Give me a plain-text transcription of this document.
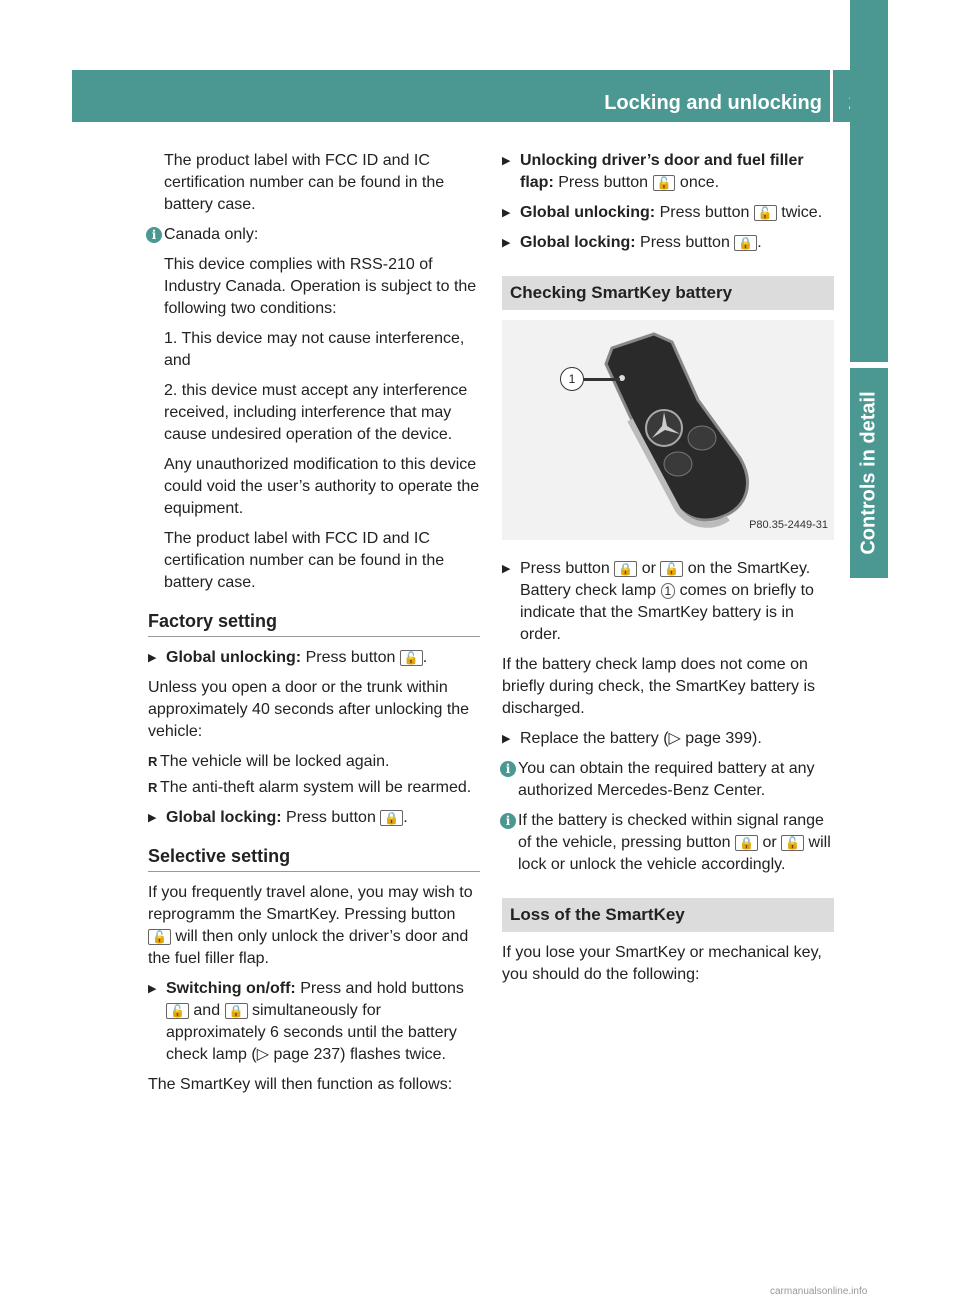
Locking and unlocking
Controls in detail

The product label with FCC ID and IC certification number can be found in the battery case.

i Canada only:

This device complies with RSS-210 of Industry Canada. Operation is subject to the following two conditions:

1. This device may not cause interference, and

2. this device must accept any interference received, including interference that may cause undesired operation of the device.

Any unauthorized modification to this device could void the user’s authority to operate the equipment.

The product label with FCC ID and IC certification number can be found in the battery case.

Factory setting
▶ Global unlocking: Press button 🔓 .

Unless you open a door or the trunk within approximately 40 seconds after unlocking the vehicle:

R The vehicle will be locked again.
R The anti-theft alarm system will be rearmed.
▶ Global locking: Press button 🔒 .
Selective setting

If you frequently travel alone, you may wish to reprogramm the SmartKey. Pressing button 🔓 will then only unlock the driver’s door and the fuel filler flap.

▶ Switching on/off: Press and hold buttons 🔓 and 🔒 simultaneously for approximately 6 seconds until the battery check lamp (▷ page 237) flashes twice.

The SmartKey will then function as follows:

▶ Unlocking driver’s door and fuel filler flap: Press button 🔓 once.
▶ Global unlocking: Press button 🔓 twice.
▶ Global locking: Press button 🔒 .
Checking SmartKey battery
1
P80.35-2449-31
▶ Press button 🔒 or 🔓 on the SmartKey.
Battery check lamp 1 comes on briefly to indicate that the SmartKey battery is in order.

If the battery check lamp does not come on briefly during check, the SmartKey battery is discharged.

▶ Replace the battery (▷ page 399).
i You can obtain the required battery at any authorized Mercedes-Benz Center.

i If the battery is checked within signal range of the vehicle, pressing button 🔒 or 🔓 will lock or unlock the vehicle accordingly.

Loss of the SmartKey

If you lose your SmartKey or mechanical key, you should do the following:

carmanualsonline.info
